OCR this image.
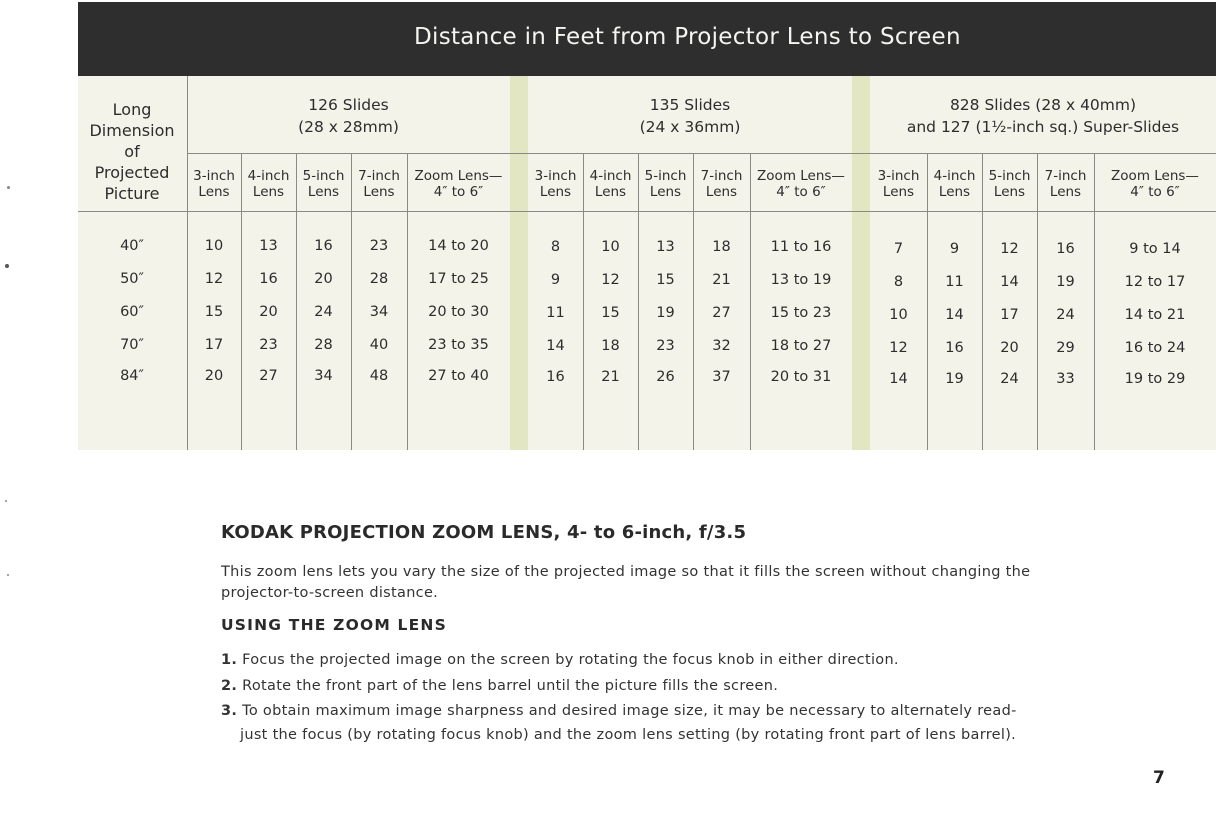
Distance in Feet from Projector Lens to Screen
Long
Dimension
of
Projected
Picture
126 Slides
(28 x 28mm)
135 Slides
(24 x 36mm)
828 Slides (28 x 40mm)
and 127 (1½-inch sq.) Super-Slides
3-inch
Lens
4-inch
Lens
5-inch
Lens
7-inch
Lens
Zoom Lens—
4″ to 6″
3-inch
Lens
4-inch
Lens
5-inch
Lens
7-inch
Lens
Zoom Lens—
4″ to 6″
3-inch
Lens
4-inch
Lens
5-inch
Lens
7-inch
Lens
Zoom Lens—
4″ to 6″
40″	10	13	16	23	14 to 20	8	10	13	18	11 to 16	7	9	12	16	9 to 14
50″	12	16	20	28	17 to 25	9	12	15	21	13 to 19	8	11	14	19	12 to 17
60″	15	20	24	34	20 to 30	11	15	19	27	15 to 23	10	14	17	24	14 to 21
70″	17	23	28	40	23 to 35	14	18	23	32	18 to 27	12	16	20	29	16 to 24
84″	20	27	34	48	27 to 40	16	21	26	37	20 to 31	14	19	24	33	19 to 29
KODAK PROJECTION ZOOM LENS, 4- to 6-inch, f/3.5
This zoom lens lets you vary the size of the projected image so that it fills the screen without changing the
projector-to-screen distance.
USING THE ZOOM LENS
1. Focus the projected image on the screen by rotating the focus knob in either direction.
2. Rotate the front part of the lens barrel until the picture fills the screen.
3. To obtain maximum image sharpness and desired image size, it may be necessary to alternately read-
just the focus (by rotating focus knob) and the zoom lens setting (by rotating front part of lens barrel).
7
